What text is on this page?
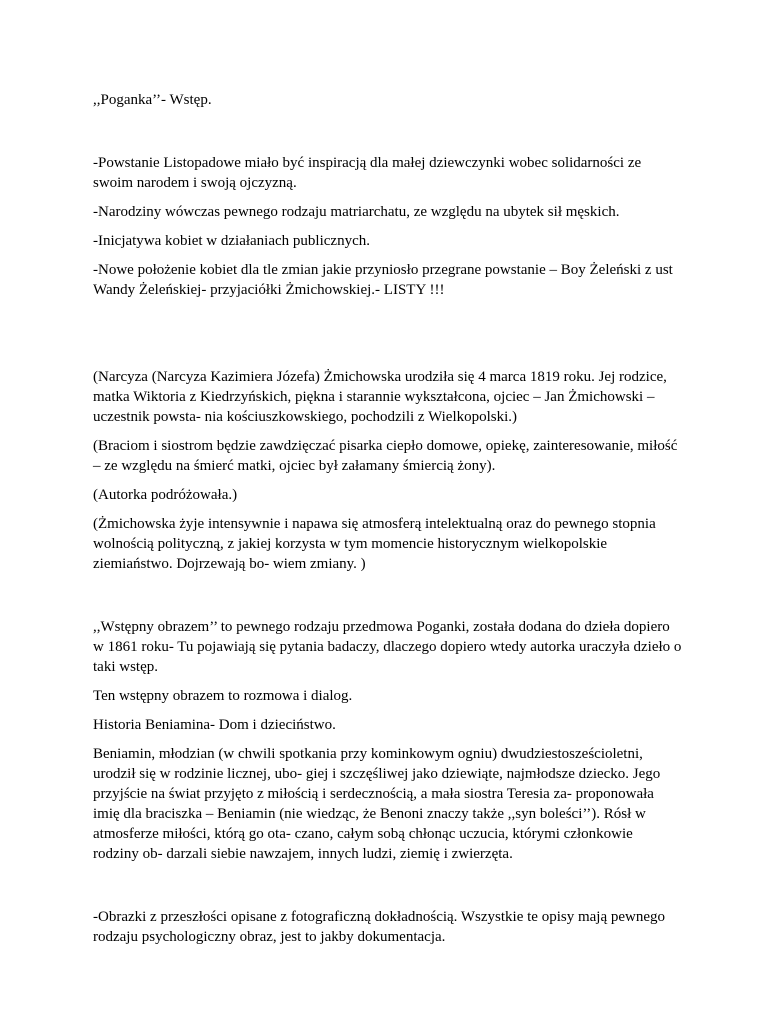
,,Poganka’’- Wstęp.

-Powstanie Listopadowe miało być inspiracją dla małej dziewczynki wobec solidarności ze swoim narodem i swoją ojczyzną.

-Narodziny wówczas pewnego rodzaju matriarchatu, ze względu na ubytek sił męskich.

-Inicjatywa kobiet w działaniach publicznych.

-Nowe położenie kobiet dla tle zmian jakie przyniosło przegrane powstanie – Boy Żeleński z ust Wandy Żeleńskiej- przyjaciółki Żmichowskiej.- LISTY !!!

(Narcyza (Narcyza Kazimiera Józefa) Żmichowska urodziła się 4 marca 1819 roku. Jej rodzice, matka Wiktoria z Kiedrzyńskich, piękna i starannie wykształcona, ojciec – Jan Żmichowski – uczestnik powsta- nia kościuszkowskiego, pochodzili z Wielkopolski.)

(Braciom i siostrom będzie zawdzięczać pisarka ciepło domowe, opiekę, zainteresowanie, miłość – ze względu na śmierć matki, ojciec był załamany śmiercią żony).

(Autorka podróżowała.)

(Żmichowska żyje intensywnie i napawa się atmosferą intelektualną oraz do pewnego stopnia wolnością polityczną, z jakiej korzysta w tym momencie historycznym wielkopolskie ziemiaństwo. Dojrzewają bo- wiem zmiany. )

,,Wstępny obrazem’’ to pewnego rodzaju przedmowa Poganki, została dodana do dzieła dopiero w 1861 roku- Tu pojawiają się pytania badaczy, dlaczego dopiero wtedy autorka uraczyła dzieło o taki wstęp.

Ten wstępny obrazem to rozmowa i dialog.

Historia Beniamina- Dom i dzieciństwo.

Beniamin, młodzian (w chwili spotkania przy kominkowym ogniu) dwudziestosześcioletni, urodził się w rodzinie licznej, ubo- giej i szczęśliwej jako dziewiąte, najmłodsze dziecko. Jego przyjście na świat przyjęto z miłością i serdecznością, a mała siostra Teresia za- proponowała imię dla braciszka – Beniamin (nie wiedząc, że Benoni znaczy także ,,syn boleści’’). Rósł w atmosferze miłości, którą go ota- czano, całym sobą chłonąc uczucia, którymi członkowie rodziny ob- darzali siebie nawzajem, innych ludzi, ziemię i zwierzęta.

-Obrazki z przeszłości opisane z fotograficzną dokładnością. Wszystkie te opisy mają pewnego rodzaju psychologiczny obraz, jest to jakby dokumentacja.
